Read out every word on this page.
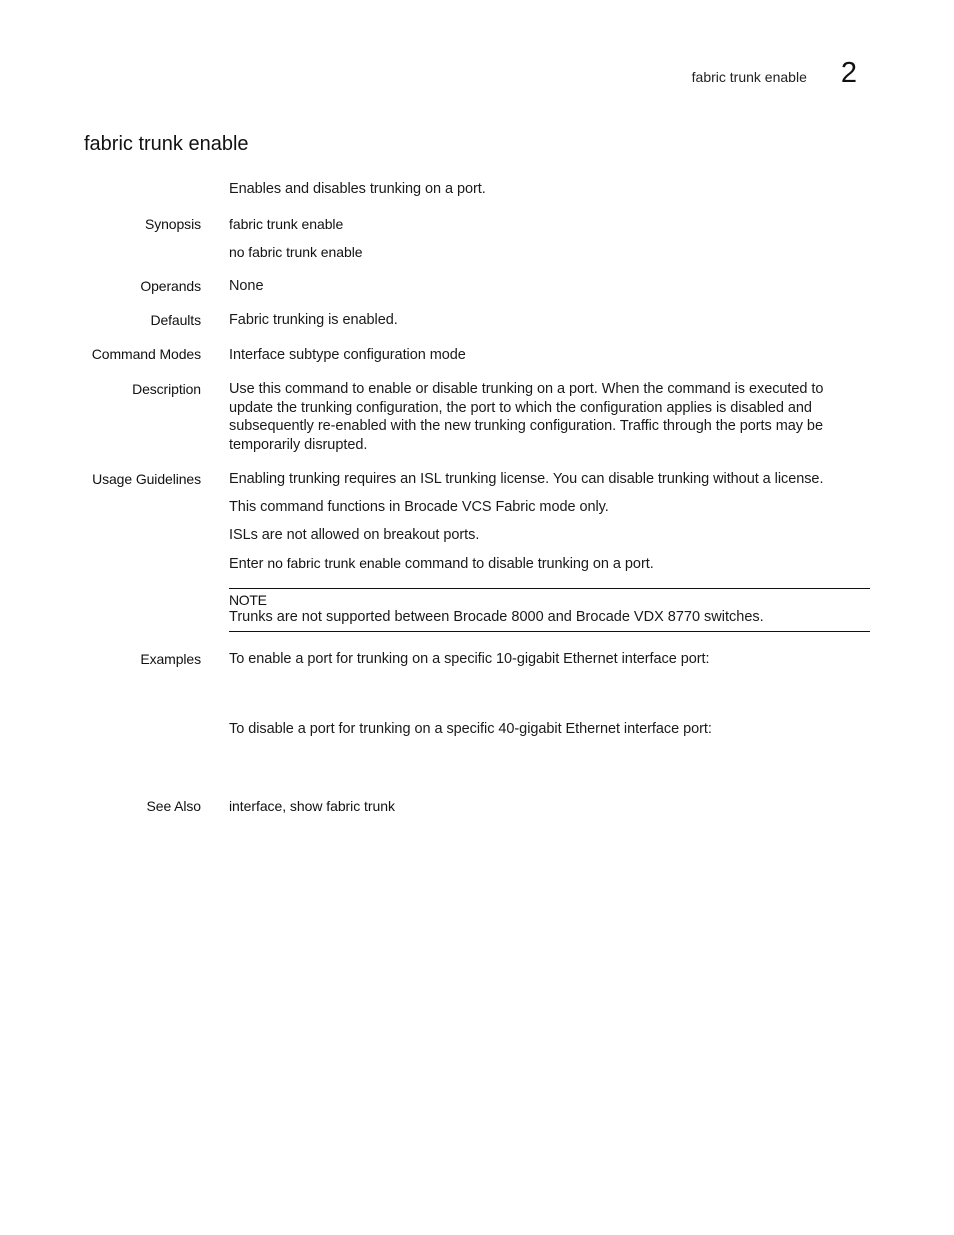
fabric trunk enable 2
fabric trunk enable
Enables and disables trunking on a port.
Synopsis fabric trunk enable
no fabric trunk enable
Operands None
Defaults Fabric trunking is enabled.
Command Modes Interface subtype configuration mode
Description Use this command to enable or disable trunking on a port. When the command is executed to update the trunking configuration, the port to which the configuration applies is disabled and subsequently re-enabled with the new trunking configuration. Traffic through the ports may be temporarily disrupted.
Usage Guidelines Enabling trunking requires an ISL trunking license. You can disable trunking without a license.
This command functions in Brocade VCS Fabric mode only.
ISLs are not allowed on breakout ports.
Enter no fabric trunk enable command to disable trunking on a port.
NOTE
Trunks are not supported between Brocade 8000 and Brocade VDX 8770 switches.
Examples To enable a port for trunking on a specific 10-gigabit Ethernet interface port:
To disable a port for trunking on a specific 40-gigabit Ethernet interface port:
See Also interface, show fabric trunk
